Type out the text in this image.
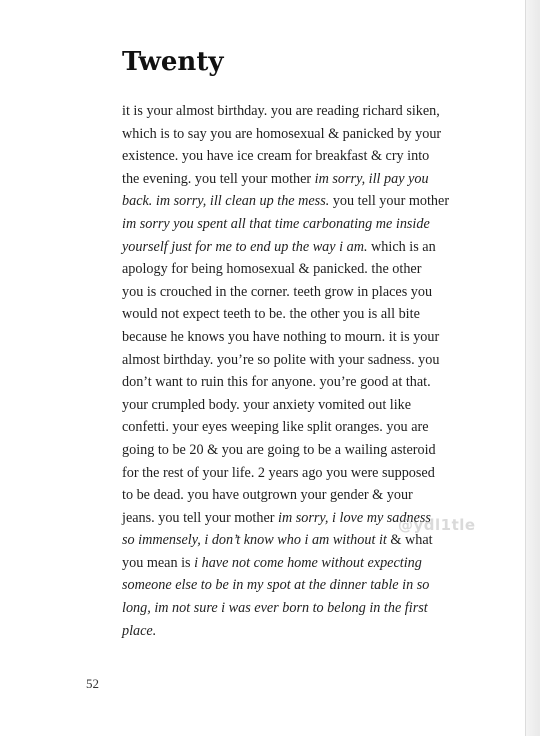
Twenty
it is your almost birthday. you are reading richard siken,
which is to say you are homosexual & panicked by your
existence. you have ice cream for breakfast & cry into
the evening. you tell your mother im sorry, ill pay you
back. im sorry, ill clean up the mess. you tell your mother
im sorry you spent all that time carbonating me inside
yourself just for me to end up the way i am. which is an
apology for being homosexual & panicked. the other
you is crouched in the corner. teeth grow in places you
would not expect teeth to be. the other you is all bite
because he knows you have nothing to mourn. it is your
almost birthday. you’re so polite with your sadness. you
don’t want to ruin this for anyone. you’re good at that.
your crumpled body. your anxiety vomited out like
confetti. your eyes weeping like split oranges. you are
going to be 20 & you are going to be a wailing asteroid
for the rest of your life. 2 years ago you were supposed
to be dead. you have outgrown your gender & your
jeans. you tell your mother im sorry, i love my sadness
so immensely, i don’t know who i am without it & what
you mean is i have not come home without expecting
someone else to be in my spot at the dinner table in so
long, im not sure i was ever born to belong in the first
place.
@ydl1tle
52
